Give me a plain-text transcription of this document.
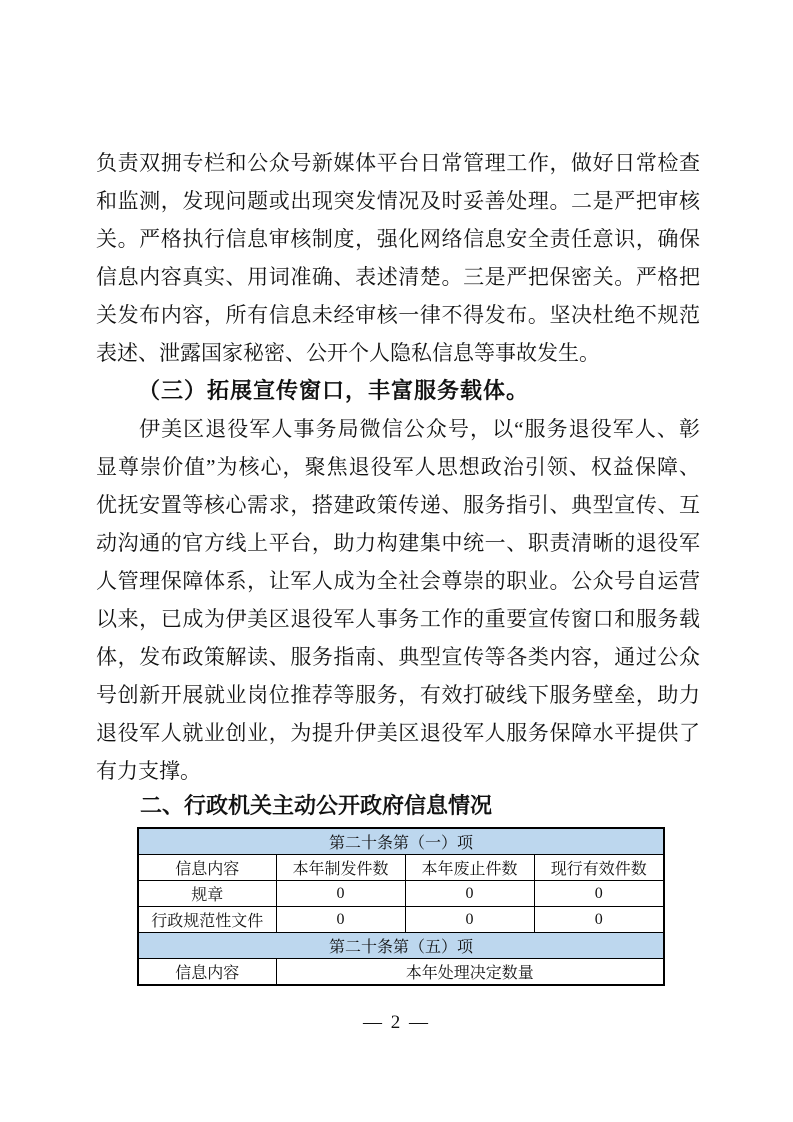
负责双拥专栏和公众号新媒体平台日常管理工作，做好日常检查
和监测，发现问题或出现突发情况及时妥善处理。二是严把审核
关。严格执行信息审核制度，强化网络信息安全责任意识，确保
信息内容真实、用词准确、表述清楚。三是严把保密关。严格把
关发布内容，所有信息未经审核一律不得发布。坚决杜绝不规范
表述、泄露国家秘密、公开个人隐私信息等事故发生。
（三）拓展宣传窗口，丰富服务载体。
伊美区退役军人事务局微信公众号，以“服务退役军人、彰
显尊崇价值”为核心，聚焦退役军人思想政治引领、权益保障、
优抚安置等核心需求，搭建政策传递、服务指引、典型宣传、互
动沟通的官方线上平台，助力构建集中统一、职责清晰的退役军
人管理保障体系，让军人成为全社会尊崇的职业。公众号自运营
以来，已成为伊美区退役军人事务工作的重要宣传窗口和服务载
体，发布政策解读、服务指南、典型宣传等各类内容，通过公众
号创新开展就业岗位推荐等服务，有效打破线下服务壁垒，助力
退役军人就业创业，为提升伊美区退役军人服务保障水平提供了
有力支撑。
二、行政机关主动公开政府信息情况
第二十条第（一）项			
信息内容	本年制发件数	本年废止件数	现行有效件数
规章	0	0	0
行政规范性文件	0	0	0
第二十条第（五）项			
信息内容	本年处理决定数量		
— 2 —
